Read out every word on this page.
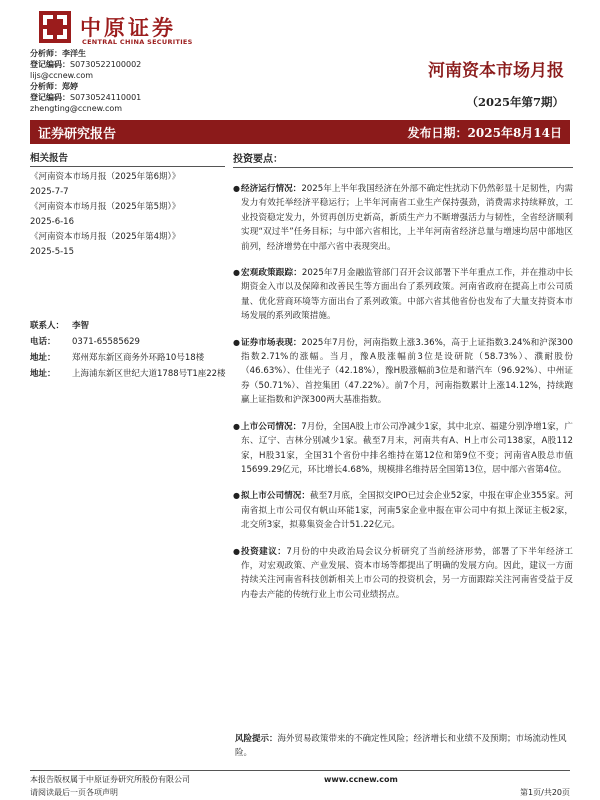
中原证券
CENTRAL CHINA SECURITIES
分析师：李洋生
登记编码：S0730522100002
lijs@ccnew.com
分析师：郑婷
登记编码：S0730524110001
zhengting@ccnew.com
河南资本市场月报
（2025年第7期）
证券研究报告	发布日期：2025年8月14日
相关报告
《河南资本市场月报（2025年第6期）》
2025-7-7
《河南资本市场月报（2025年第5期）》
2025-6-16
《河南资本市场月报（2025年第4期）》
2025-5-15
联系人： 李智
电话：	0371-65585629
地址：	郑州郑东新区商务外环路10号18楼
地址：	上海浦东新区世纪大道1788号T1座22楼
投资要点：
● 经济运行情况：2025年上半年我国经济在外部不确定性扰动下仍然彰显十足韧性，内需发力有效托举经济平稳运行；上半年河南省工业生产保持强劲，消费需求持续释放，工业投资稳定发力，外贸再创历史新高，新质生产力不断增强活力与韧性，全省经济顺利实现“双过半”任务目标；与中部六省相比，上半年河南省经济总量与增速均居中部地区前列，经济增势在中部六省中表现突出。
● 宏观政策跟踪：2025年7月金融监管部门召开会议部署下半年重点工作，并在推动中长期资金入市以及保障和改善民生等方面出台了系列政策。河南省政府在提高上市公司质量、优化营商环境等方面出台了系列政策。中部六省其他省份也发布了大量支持资本市场发展的系列政策措施。
● 证券市场表现：2025年7月份，河南指数上涨3.36%，高于上证指数3.24%和沪深300指数2.71%的涨幅。当月，豫A股涨幅前3位是设研院（58.73%）、濮耐股份（46.63%）、仕佳光子（42.18%），豫H股涨幅前3位是和谐汽车（96.92%）、中州证券（50.71%）、首控集团（47.22%）。前7个月，河南指数累计上涨14.12%，持续跑赢上证指数和沪深300两大基准指数。
● 上市公司情况：7月份，全国A股上市公司净减少1家，其中北京、福建分别净增1家，广东、辽宁、吉林分别减少1家。截至7月末，河南共有A、H上市公司138家，A股112家，H股31家，全国31个省份中排名维持在第12位和第9位不变；河南省A股总市值15699.29亿元，环比增长4.68%，规模排名维持居全国第13位，居中部六省第4位。
● 拟上市公司情况：截至7月底，全国拟交IPO已过会企业52家，中报在审企业355家。河南省拟上市公司仅有帆山环能1家，河南5家企业申报在审公司中有拟上深证主板2家，北交所3家，拟募集资金合计51.22亿元。
● 投资建议：7月份的中央政治局会议分析研究了当前经济形势，部署了下半年经济工作，对宏观政策、产业发展、资本市场等都提出了明确的发展方向。因此，建议一方面持续关注河南省科技创新相关上市公司的投资机会，另一方面跟踪关注河南省受益于反内卷去产能的传统行业上市公司业绩拐点。
风险提示：海外贸易政策带来的不确定性风险；经济增长和业绩不及预期；市场流动性风险。
本报告版权属于中原证券研究所股份有限公司	www.ccnew.com
请阅读最后一页各项声明	第1页/共20页
